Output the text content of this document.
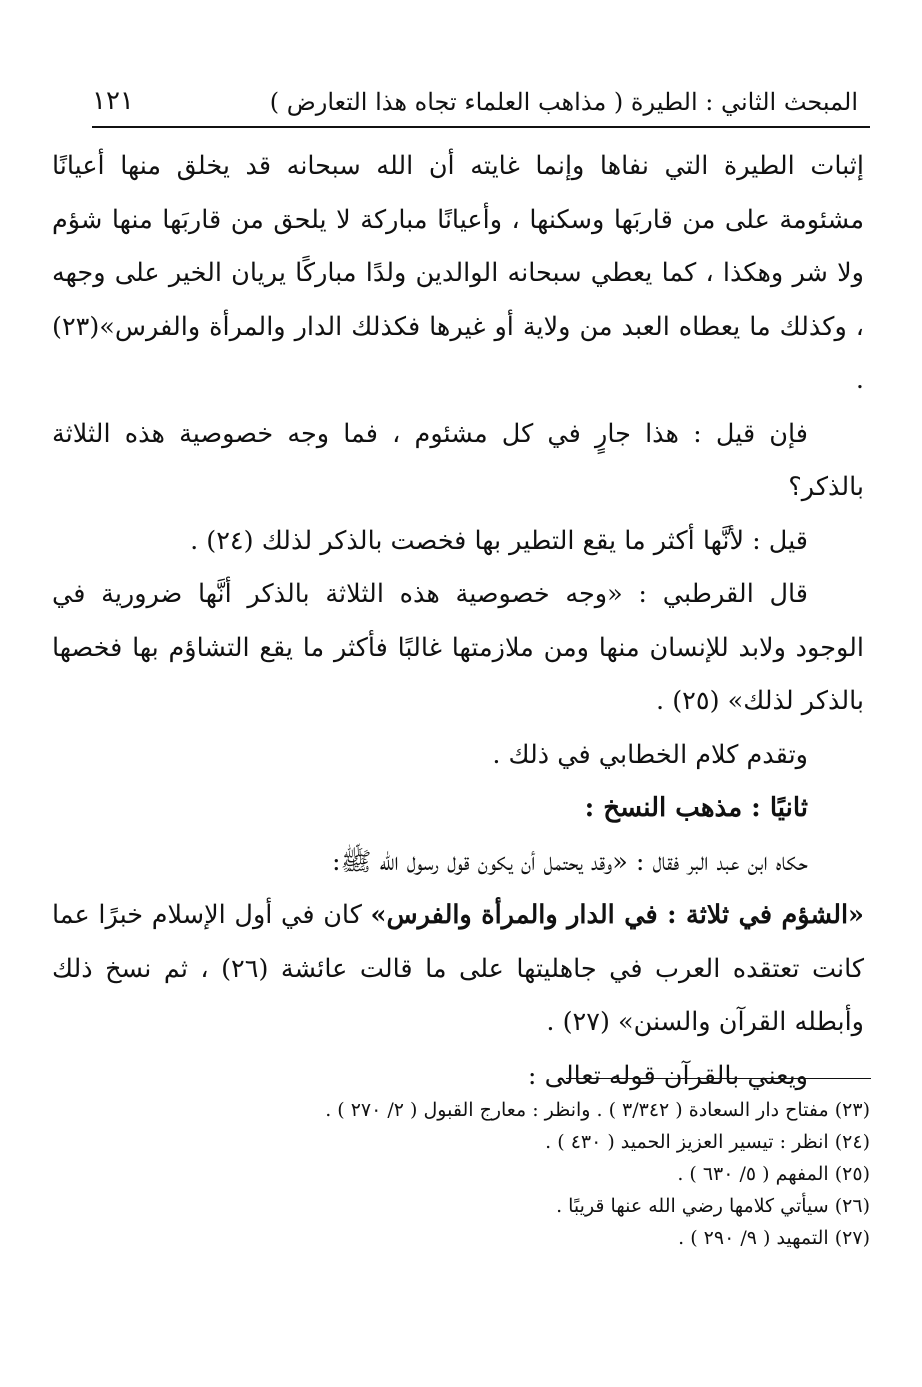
المبحث الثاني : الطيرة ( مذاهب العلماء تجاه هذا التعارض )
١٢١

إثبات الطيرة التي نفاها وإنما غايته أن الله سبحانه قد يخلق منها أعيانًا مشئومة على من قاربَها وسكنها ، وأعيانًا مباركة لا يلحق من قاربَها منها شؤم ولا شر وهكذا ، كما يعطي سبحانه الوالدين ولدًا مباركًا يريان الخير على وجهه ، وكذلك ما يعطاه العبد من ولاية أو غيرها فكذلك الدار والمرأة والفرس»(٢٣) .

فإن قيل : هذا جارٍ في كل مشئوم ، فما وجه خصوصية هذه الثلاثة بالذكر؟

قيل : لأنَّها أكثر ما يقع التطير بها فخصت بالذكر لذلك (٢٤) .

قال القرطبي : «وجه خصوصية هذه الثلاثة بالذكر أنَّها ضرورية في الوجود ولابد للإنسان منها ومن ملازمتها غالبًا فأكثر ما يقع التشاؤم بها فخصها بالذكر لذلك» (٢٥) .

وتقدم كلام الخطابي في ذلك .

ثانيًا : مذهب النسخ :

حكاه ابن عبد البر فقال : «وقد يحتمل أن يكون قول رسول الله ﷺ:

«الشؤم في ثلاثة : في الدار والمرأة والفرس» كان في أول الإسلام خبرًا عما كانت تعتقده العرب في جاهليتها على ما قالت عائشة (٢٦) ، ثم نسخ ذلك وأبطله القرآن والسنن» (٢٧) .

ويعني بالقرآن قوله تعالى :

(٢٣) مفتاح دار السعادة ( ٣/٣٤٢ ) . وانظر : معارج القبول ( ٢/ ٢٧٠ ) .

(٢٤) انظر : تيسير العزيز الحميد ( ٤٣٠ ) .

(٢٥) المفهم ( ٥/ ٦٣٠ ) .

(٢٦) سيأتي كلامها رضي الله عنها قريبًا .

(٢٧) التمهيد ( ٩/ ٢٩٠ ) .
